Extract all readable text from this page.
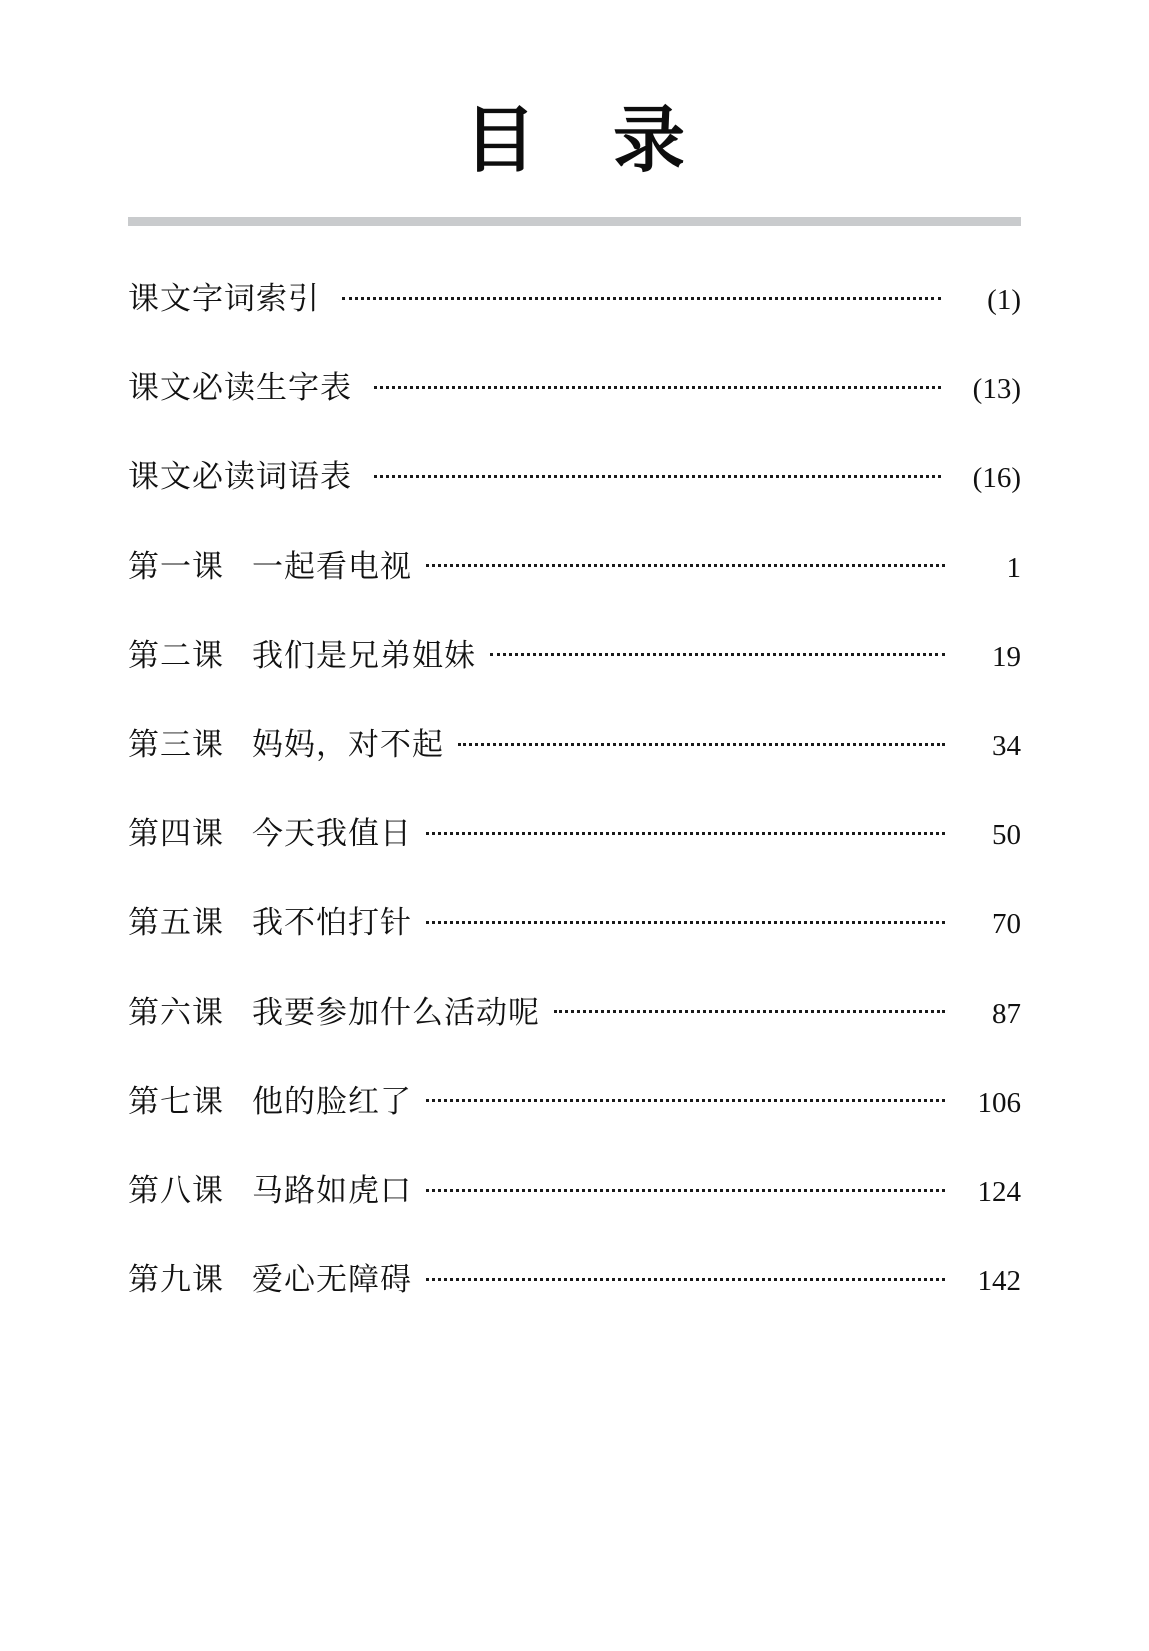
目 录
课文字词索引	(1)
课文必读生字表	(13)
课文必读词语表	(16)
第一课 一起看电视	1
第二课 我们是兄弟姐妹	19
第三课 妈妈，对不起	34
第四课 今天我值日	50
第五课 我不怕打针	70
第六课 我要参加什么活动呢	87
第七课 他的脸红了	106
第八课 马路如虎口	124
第九课 爱心无障碍	142
